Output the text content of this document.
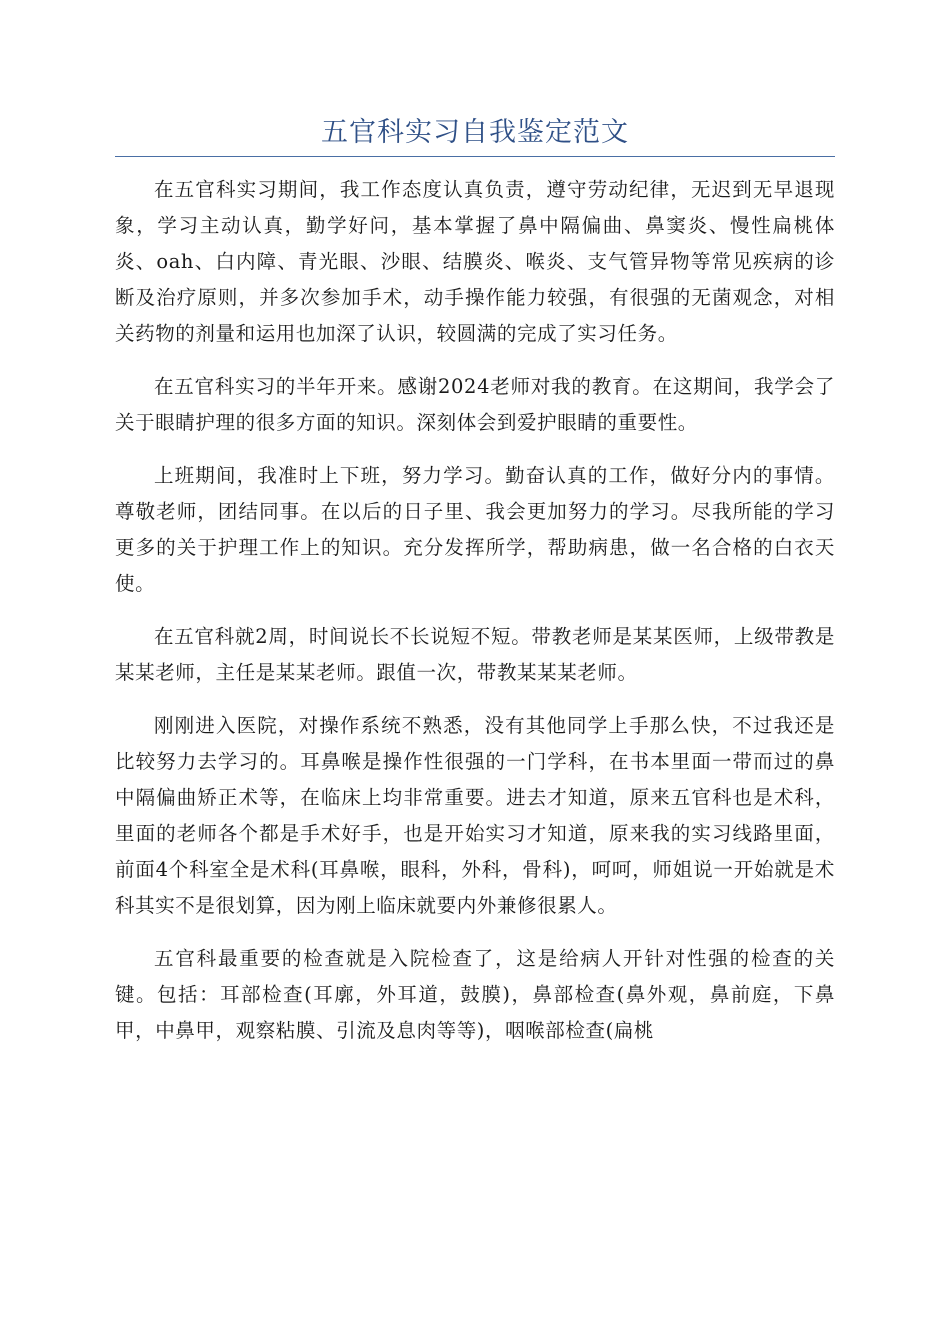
五官科实习自我鉴定范文

在五官科实习期间，我工作态度认真负责，遵守劳动纪律，无迟到无早退现象，学习主动认真，勤学好问，基本掌握了鼻中隔偏曲、鼻窦炎、慢性扁桃体炎、oah、白内障、青光眼、沙眼、结膜炎、喉炎、支气管异物等常见疾病的诊断及治疗原则，并多次参加手术，动手操作能力较强，有很强的无菌观念，对相关药物的剂量和运用也加深了认识，较圆满的完成了实习任务。

在五官科实习的半年开来。感谢2024老师对我的教育。在这期间，我学会了关于眼睛护理的很多方面的知识。深刻体会到爱护眼睛的重要性。

上班期间，我准时上下班，努力学习。勤奋认真的工作，做好分内的事情。尊敬老师，团结同事。在以后的日子里、我会更加努力的学习。尽我所能的学习更多的关于护理工作上的知识。充分发挥所学，帮助病患，做一名合格的白衣天使。

在五官科就2周，时间说长不长说短不短。带教老师是某某医师，上级带教是某某老师，主任是某某老师。跟值一次，带教某某某老师。

刚刚进入医院，对操作系统不熟悉，没有其他同学上手那么快，不过我还是比较努力去学习的。耳鼻喉是操作性很强的一门学科，在书本里面一带而过的鼻中隔偏曲矫正术等，在临床上均非常重要。进去才知道，原来五官科也是术科，里面的老师各个都是手术好手，也是开始实习才知道，原来我的实习线路里面，前面4个科室全是术科(耳鼻喉，眼科，外科，骨科)，呵呵，师姐说一开始就是术科其实不是很划算，因为刚上临床就要内外兼修很累人。

五官科最重要的检查就是入院检查了，这是给病人开针对性强的检查的关键。包括：耳部检查(耳廓，外耳道，鼓膜)，鼻部检查(鼻外观，鼻前庭，下鼻甲，中鼻甲，观察粘膜、引流及息肉等等)，咽喉部检查(扁桃
